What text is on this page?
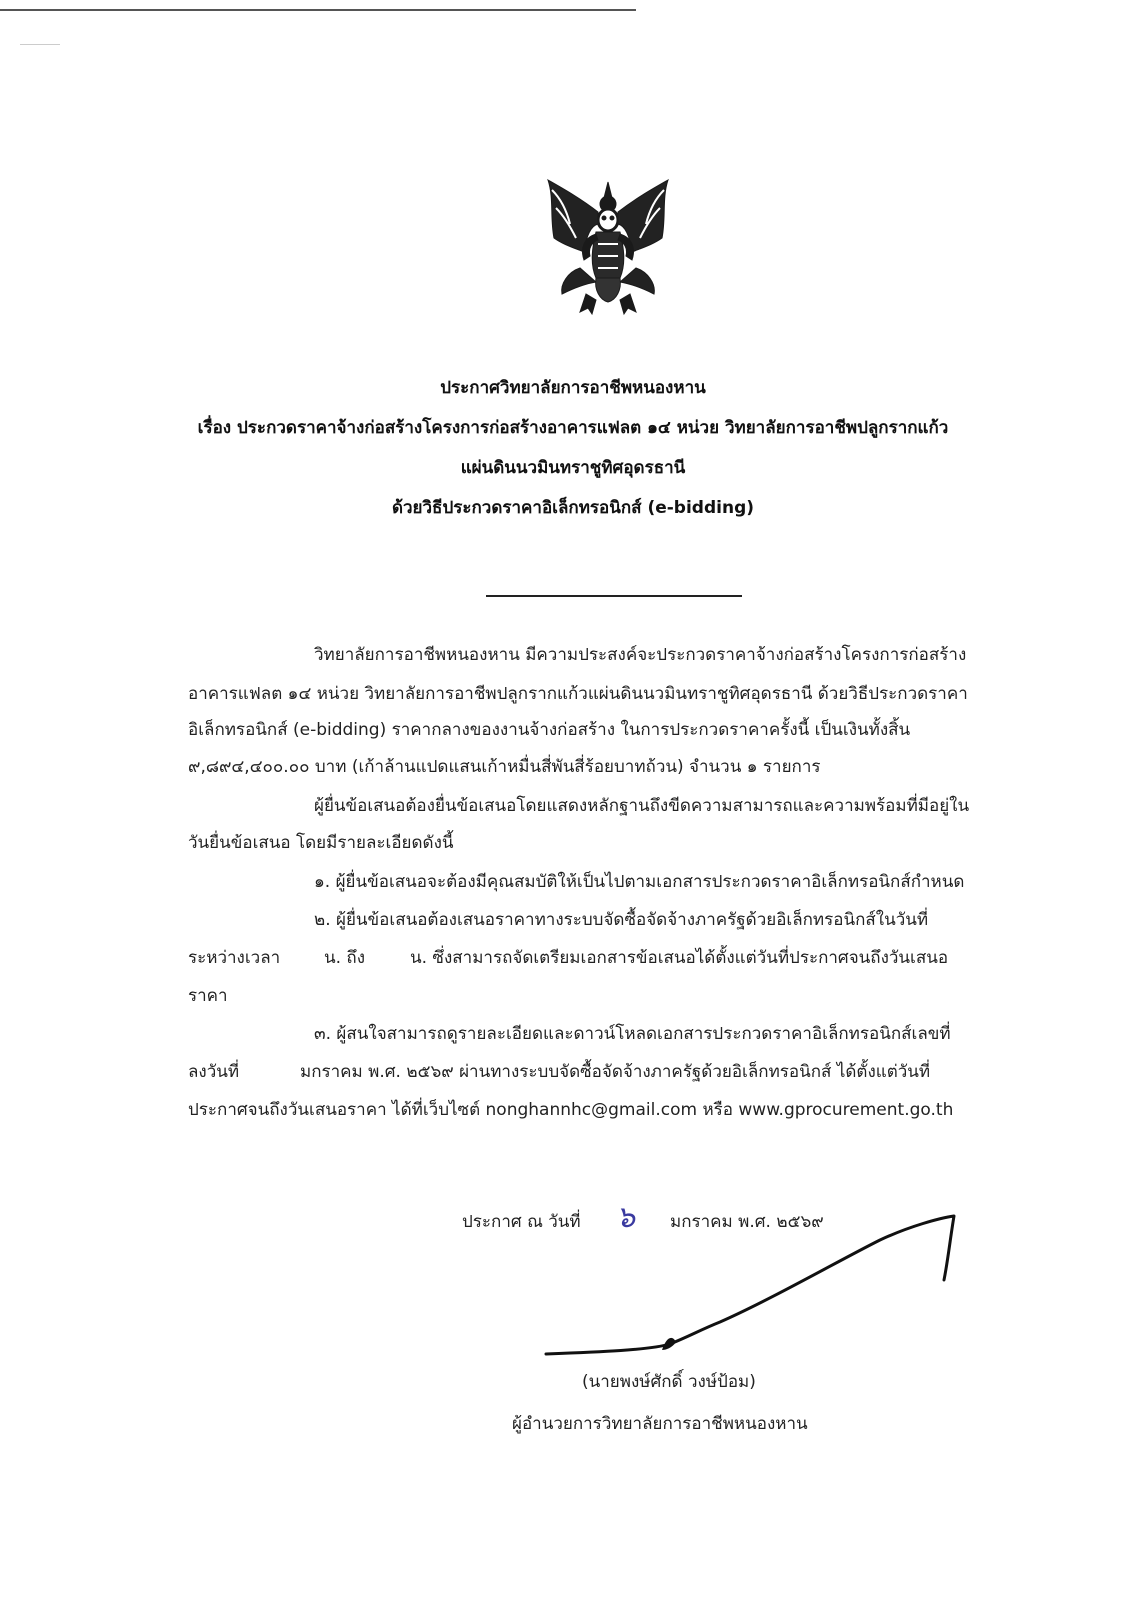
ประกาศวิทยาลัยการอาชีพหนองหาน
เรื่อง ประกวดราคาจ้างก่อสร้างโครงการก่อสร้างอาคารแฟลต ๑๔ หน่วย วิทยาลัยการอาชีพปลูกรากแก้ว
แผ่นดินนวมินทราชูทิศอุดรธานี
ด้วยวิธีประกวดราคาอิเล็กทรอนิกส์ (e-bidding)
วิทยาลัยการอาชีพหนองหาน มีความประสงค์จะประกวดราคาจ้างก่อสร้างโครงการก่อสร้าง
อาคารแฟลต ๑๔ หน่วย วิทยาลัยการอาชีพปลูกรากแก้วแผ่นดินนวมินทราชูทิศอุดรธานี ด้วยวิธีประกวดราคา
อิเล็กทรอนิกส์ (e-bidding) ราคากลางของงานจ้างก่อสร้าง ในการประกวดราคาครั้งนี้ เป็นเงินทั้งสิ้น
๙,๘๙๔,๔๐๐.๐๐ บาท (เก้าล้านแปดแสนเก้าหมื่นสี่พันสี่ร้อยบาทถ้วน) จำนวน ๑ รายการ
ผู้ยื่นข้อเสนอต้องยื่นข้อเสนอโดยแสดงหลักฐานถึงขีดความสามารถและความพร้อมที่มีอยู่ใน
วันยื่นข้อเสนอ โดยมีรายละเอียดดังนี้
๑. ผู้ยื่นข้อเสนอจะต้องมีคุณสมบัติให้เป็นไปตามเอกสารประกวดราคาอิเล็กทรอนิกส์กำหนด
๒. ผู้ยื่นข้อเสนอต้องเสนอราคาทางระบบจัดซื้อจัดจ้างภาครัฐด้วยอิเล็กทรอนิกส์ในวันที่
ระหว่างเวลา	น. ถึง	น. ซึ่งสามารถจัดเตรียมเอกสารข้อเสนอได้ตั้งแต่วันที่ประกาศจนถึงวันเสนอ
ราคา
๓. ผู้สนใจสามารถดูรายละเอียดและดาวน์โหลดเอกสารประกวดราคาอิเล็กทรอนิกส์เลขที่
ลงวันที่	มกราคม พ.ศ. ๒๕๖๙ ผ่านทางระบบจัดซื้อจัดจ้างภาครัฐด้วยอิเล็กทรอนิกส์ ได้ตั้งแต่วันที่
ประกาศจนถึงวันเสนอราคา ได้ที่เว็บไซต์ nonghannhc@gmail.com หรือ www.gprocurement.go.th
ประกาศ ณ วันที่ ๖ มกราคม พ.ศ. ๒๕๖๙
(นายพงษ์ศักดิ์ วงษ์ป้อม)
ผู้อำนวยการวิทยาลัยการอาชีพหนองหาน
